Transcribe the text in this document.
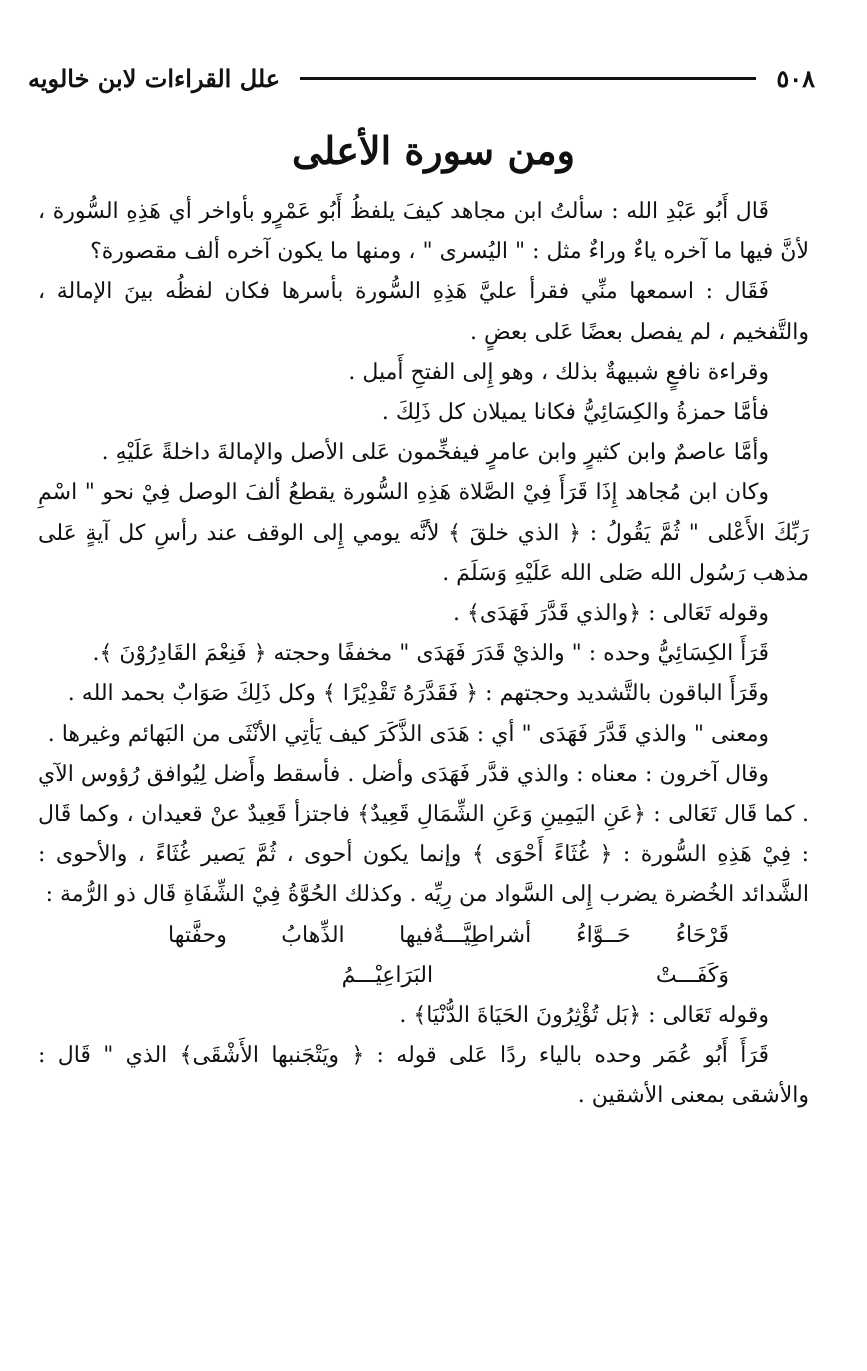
٥٠٨
علل القراءات لابن خالويه
ومن سورة الأعلى

قَال أَبُو عَبْدِ الله : سألتُ ابن مجاهد كيفَ يلفظُ أَبُو عَمْرٍو بأواخر أي هَذِهِ السُّورة ، لأنَّ فيها ما آخره ياءٌ وراءٌ مثل : " اليُسرى " ، ومنها ما يكون آخره ألف مقصورة؟

فَقَال : اسمعها منِّي فقرأ عليَّ هَذِهِ السُّورة بأسرها فكان لفظُه بينَ الإمالة ، والتَّفخيم ، لم يفصل بعضًا عَلى بعضٍ .

وقراءة نافعٍ شبيهةٌ بذلك ، وهو إِلى الفتحِ أَميل .

فأمَّا حمزةُ والكِسَائِيُّ فكانا يميلان كل ذَلِكَ .

وأمَّا عاصمٌ وابن كثيرٍ وابن عامرٍ فيفخِّمون عَلى الأصل والإمالةَ داخلةً عَلَيْهِ .

وكان ابن مُجاهد إِذَا قَرَأَ فِيْ الصَّلاة هَذِهِ السُّورة يقطعُ ألفَ الوصل فِيْ نحو " اسْمِ رَبِّكَ الأَعْلى " ثُمَّ يَقُولُ : ﴿ الذي خلقَ ﴾ لأنَّه يومي إِلى الوقف عند رأسِ كل آيةٍ عَلى مذهب رَسُول الله صَلى الله عَلَيْهِ وَسَلَمَ .

وقوله تَعَالى : ﴿والذي قَدَّرَ فَهَدَى﴾ .

قَرَأَ الكِسَائِيُّ وحده : " والذيْ قَدَرَ فَهَدَى " مخففًا وحجته ﴿ فَنِعْمَ القَادِرُوْنَ ﴾.

وقَرَأَ الباقون بالتَّشديد وحجتهم : ﴿ فَقَدَّرَهُ تَقْدِيْرًا ﴾ وكل ذَلِكَ صَوَابٌ بحمد الله .

ومعنى " والذي قَدَّرَ فَهَدَى " أي : هَدَى الذَّكَرَ كيف يَأتِي الأنْثَى من البَهائم وغيرها .

وقال آخرون : معناه : والذي قدَّر فَهَدَى وأضل . فأسقط وأَضل لِيُوافق رُؤوس الآي . كما قَال تَعَالى : ﴿عَنِ اليَمِينِ وَعَنِ الشِّمَالِ قَعِيدٌ﴾ فاجتزأ قَعِيدٌ عنْ قعيدان ، وكما قَال : فِيْ هَذِهِ السُّورة : ﴿ غُثَاءً أَحْوَى ﴾ وإنما يكون أحوى ، ثُمَّ يَصير غُثَاءً ، والأحوى : الشَّدائد الخُضرة يضرب إِلى السَّواد من رِيِّه . وكذلك الحُوَّةُ فِيْ الشِّفَاةِ قَال ذو الرُّمة :

قَرْحَاءُ حَــوَّاءُ أشراطِيَّـــةٌ وَكَفَـــتْ
فيها الذِّهابُ وحفَّتها البَرَاعِيْـــمُ

وقوله تَعَالى : ﴿بَل تُؤْثِرُونَ الحَيَاةَ الدُّنْيَا﴾ .

قَرَأَ أَبُو عُمَر وحده بالياء ردًا عَلى قوله : ﴿ ويَتْجَنبها الأَشْقَى﴾ الذي " قَال : والأشقى بمعنى الأشقين .
